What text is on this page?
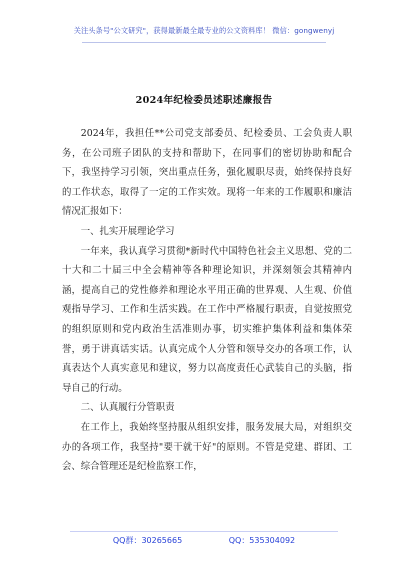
关注头条号"公文研究"，获得最新最全最专业的公文资料库！ 微信：gongwenyj
2024年纪检委员述职述廉报告

2024年，我担任**公司党支部委员、纪检委员、工会负责人职务，在公司班子团队的支持和帮助下，在同事们的密切协助和配合下，我坚持学习引领，突出重点任务，强化履职尽责，始终保持良好的工作状态，取得了一定的工作实效。现将一年来的工作履职和廉洁情况汇报如下：

一、扎实开展理论学习

一年来，我认真学习贯彻*新时代中国特色社会主义思想、党的二十大和二十届三中全会精神等各种理论知识，并深刻领会其精神内涵，提高自己的党性修养和理论水平用正确的世界观、人生观、价值观指导学习、工作和生活实践。在工作中严格履行职责，自觉按照党的组织原则和党内政治生活准则办事，切实维护集体利益和集体荣誉，勇于讲真话实话。认真完成个人分管和领导交办的各项工作，认真表达个人真实意见和建议，努力以高度责任心武装自己的头脑，指导自己的行动。

二、认真履行分管职责

在工作上，我始终坚持服从组织安排，服务发展大局，对组织交办的各项工作，我坚持"要干就干好"的原则。不管是党建、群团、工会、综合管理还是纪检监察工作，

QQ群：30265665	QQ：535304092
